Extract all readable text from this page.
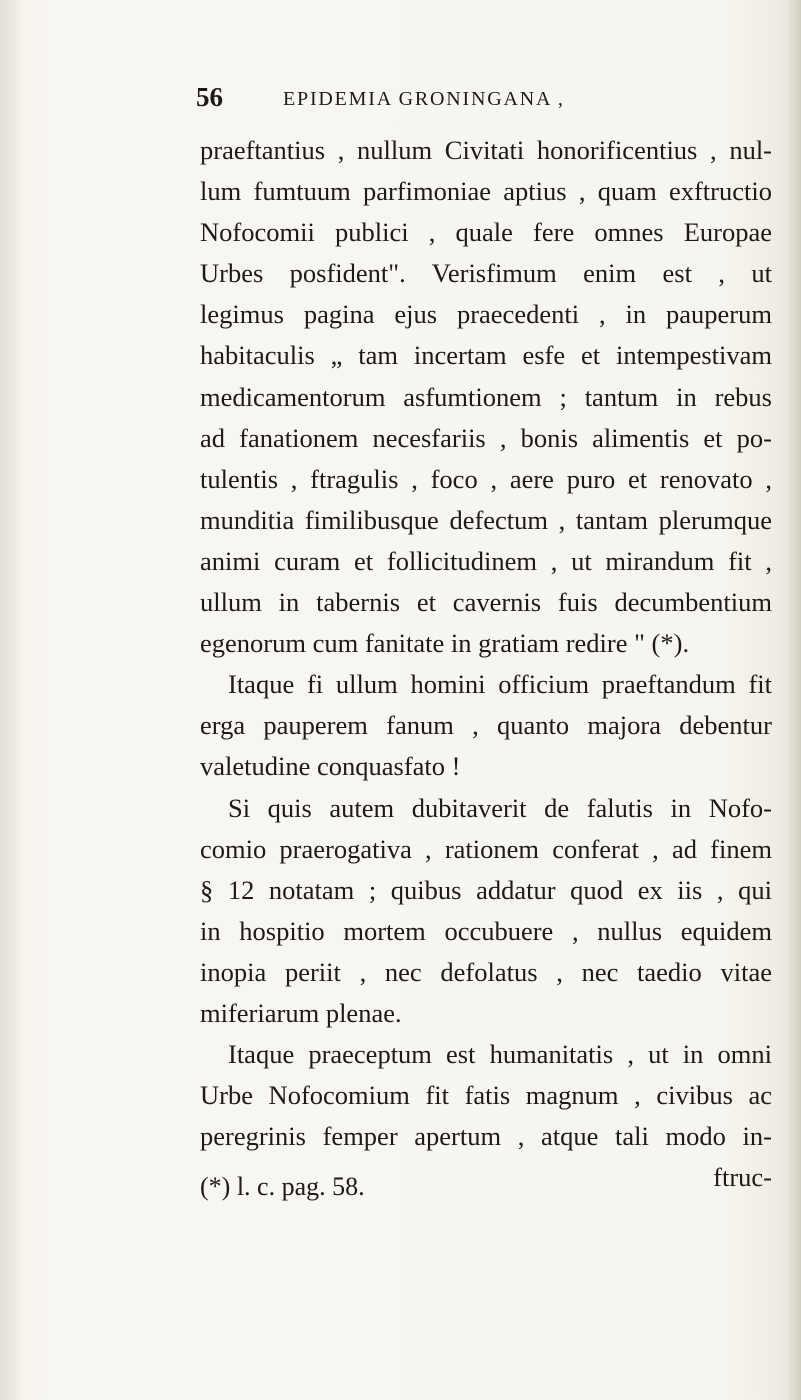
56	EPIDEMIA GRONINGANA ,
praeftantius , nullum Civitati honorificentius , nul-
lum fumtuum parfimoniae aptius , quam exftructio
Nofocomii publici , quale fere omnes Europae
Urbes posfident". Verisfimum enim est , ut
legimus pagina ejus praecedenti , in pauperum
habitaculis „ tam incertam esfe et intempestivam
medicamentorum asfumtionem ; tantum in rebus
ad fanationem necesfariis , bonis alimentis et po-
tulentis , ftragulis , foco , aere puro et renovato ,
munditia fimilibusque defectum , tantam plerumque
animi curam et follicitudinem , ut mirandum fit ,
ullum in tabernis et cavernis fuis decumbentium
egenorum cum fanitate in gratiam redire " (*).
Itaque fi ullum homini officium praeftandum fit
erga pauperem fanum , quanto majora debentur
valetudine conquasfato !
Si quis autem dubitaverit de falutis in Nofo-
comio praerogativa , rationem conferat , ad finem
§ 12 notatam ; quibus addatur quod ex iis , qui
in hospitio mortem occubuere , nullus equidem
inopia periit , nec defolatus , nec taedio vitae
miferiarum plenae.
Itaque praeceptum est humanitatis , ut in omni
Urbe Nofocomium fit fatis magnum , civibus ac
peregrinis femper apertum , atque tali modo in-
ftruc-
(*) l. c. pag. 58.
